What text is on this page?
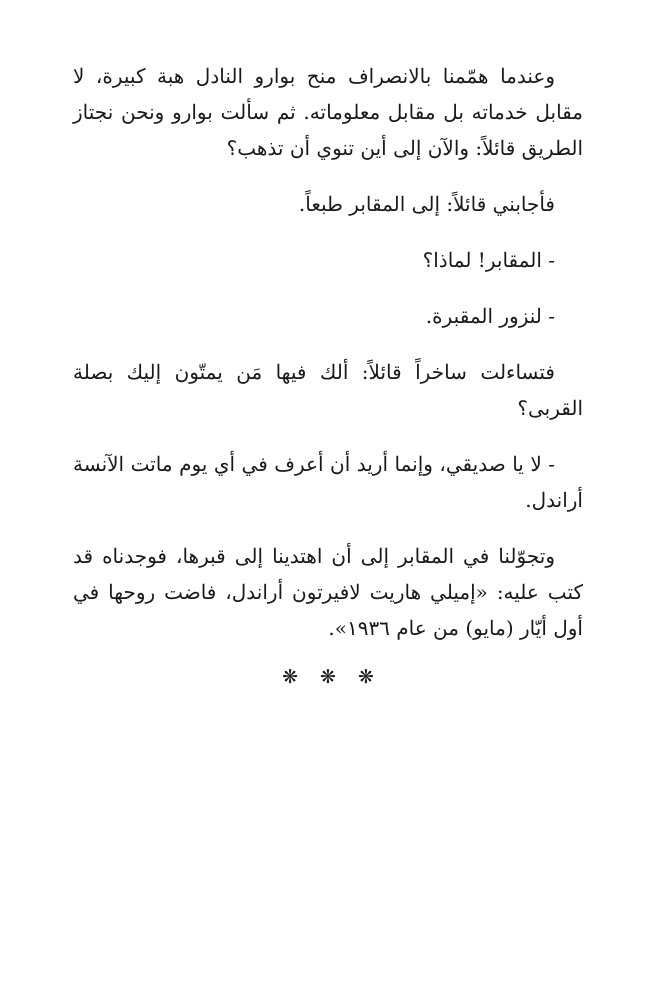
وعندما همّمنا بالانصراف منح بوارو النادل هبة كبيرة، لا مقابل خدماته بل مقابل معلوماته. ثم سألت بوارو ونحن نجتاز الطريق قائلاً: والآن إلى أين تنوي أن تذهب؟

فأجابني قائلاً: إلى المقابر طبعاً.

- المقابر! لماذا؟

- لنزور المقبرة.

فتساءلت ساخراً قائلاً: ألك فيها مَن يمتّون إليك بصلة القربى؟

- لا يا صديقي، وإنما أريد أن أعرف في أي يوم ماتت الآنسة أراندل.

وتجوّلنا في المقابر إلى أن اهتدينا إلى قبرها، فوجدناه قد كتب عليه: «إميلي هاريت لافيرتون أراندل، فاضت روحها في أول أيّار (مايو) من عام ١٩٣٦».

❋
❋
❋
